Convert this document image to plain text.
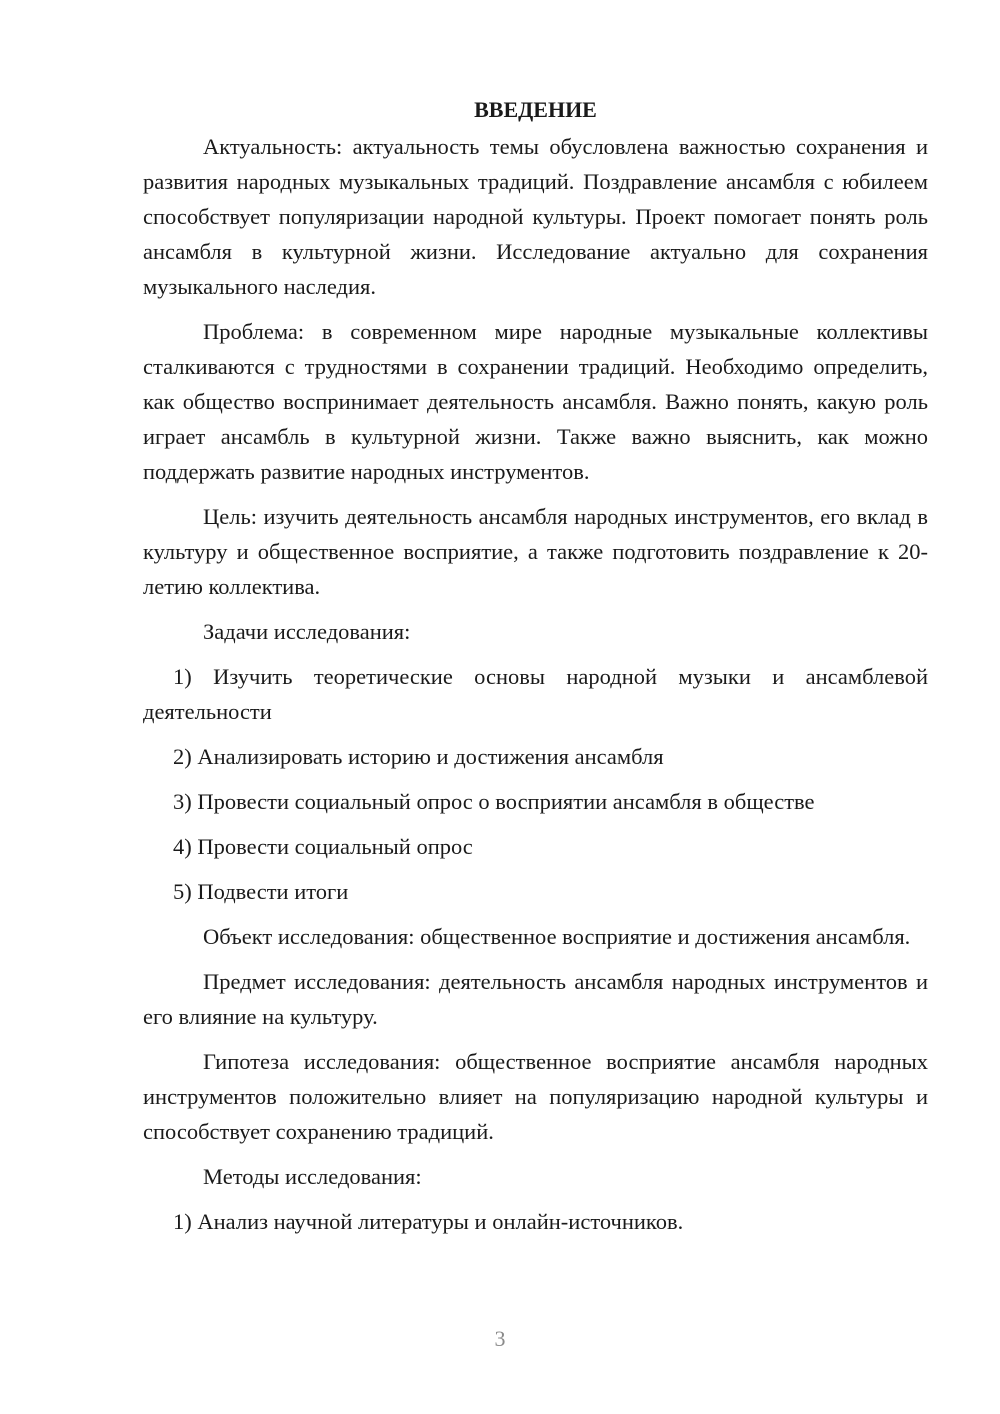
ВВЕДЕНИЕ

Актуальность: актуальность темы обусловлена важностью сохранения и развития народных музыкальных традиций. Поздравление ансамбля с юбилеем способствует популяризации народной культуры. Проект помогает понять роль ансамбля в культурной жизни. Исследование актуально для сохранения музыкального наследия.

Проблема: в современном мире народные музыкальные коллективы сталкиваются с трудностями в сохранении традиций. Необходимо определить, как общество воспринимает деятельность ансамбля. Важно понять, какую роль играет ансамбль в культурной жизни. Также важно выяснить, как можно поддержать развитие народных инструментов.

Цель: изучить деятельность ансамбля народных инструментов, его вклад в культуру и общественное восприятие, а также подготовить поздравление к 20-летию коллектива.

Задачи исследования:

1) Изучить теоретические основы народной музыки и ансамблевой деятельности

2) Анализировать историю и достижения ансамбля

3) Провести социальный опрос о восприятии ансамбля в обществе

4) Провести социальный опрос

5) Подвести итоги

Объект исследования: общественное восприятие и достижения ансамбля.

Предмет исследования: деятельность ансамбля народных инструментов и его влияние на культуру.

Гипотеза исследования: общественное восприятие ансамбля народных инструментов положительно влияет на популяризацию народной культуры и способствует сохранению традиций.

Методы исследования:

1) Анализ научной литературы и онлайн-источников.

3
